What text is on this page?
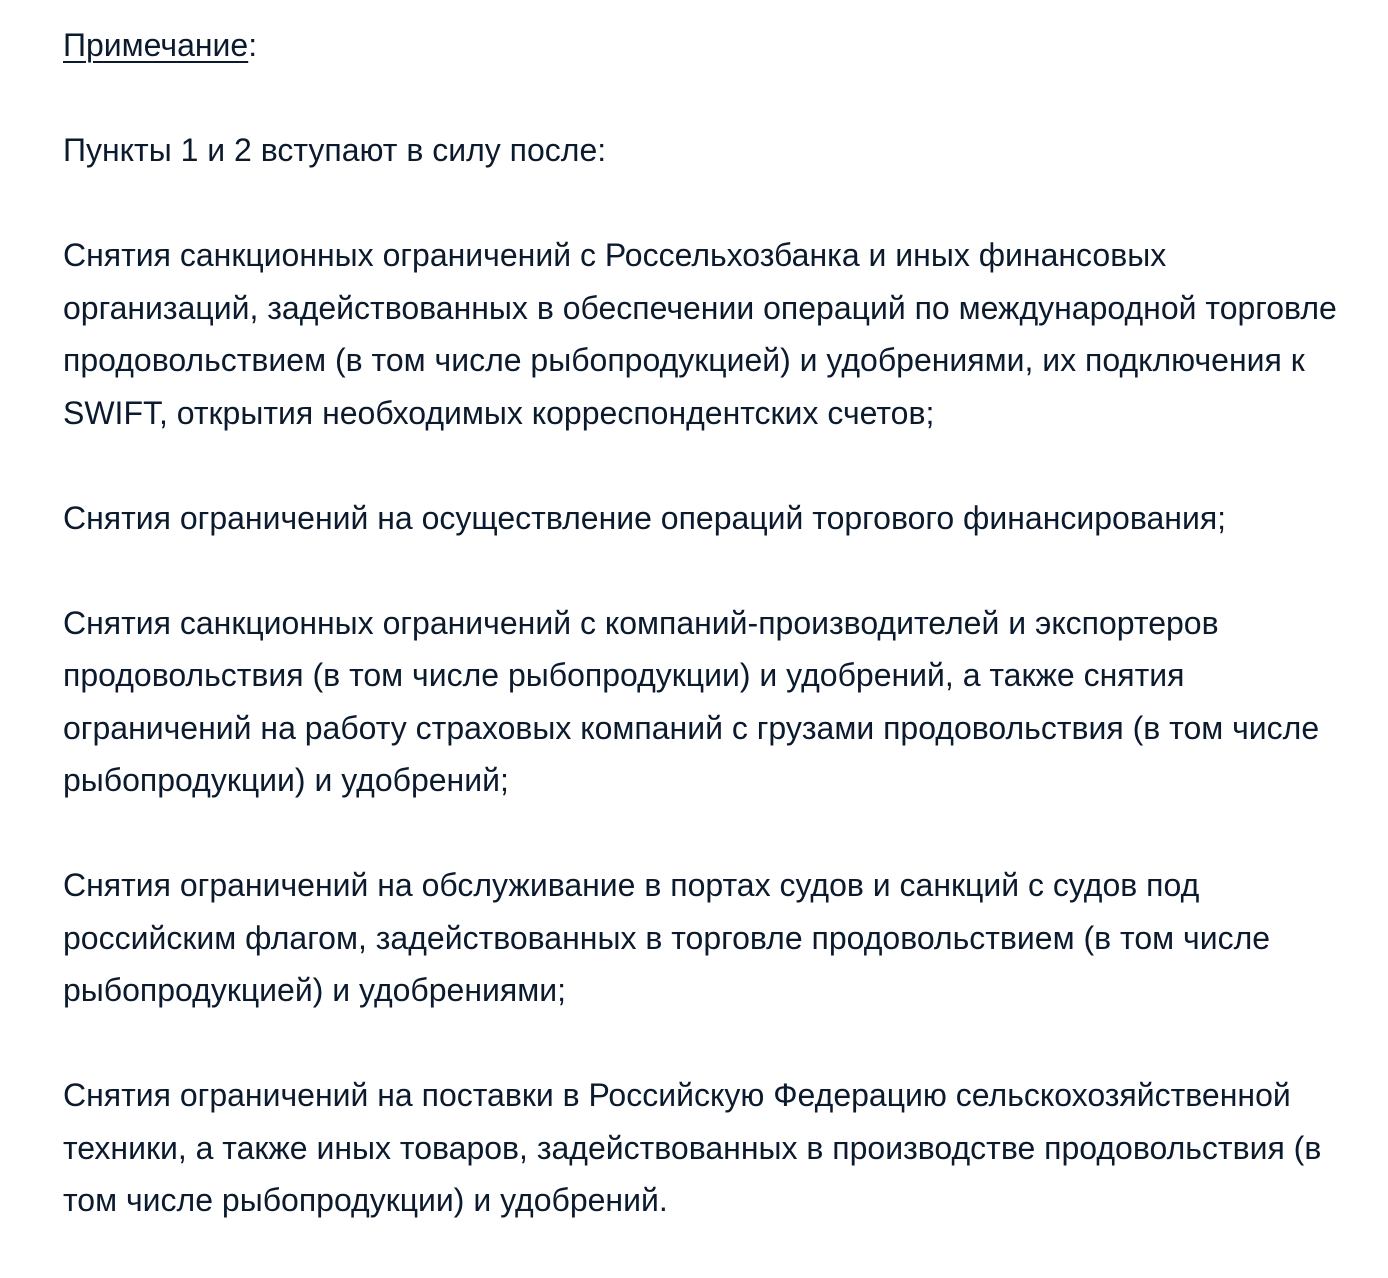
Примечание:

Пункты 1 и 2 вступают в силу после:

Снятия санкционных ограничений с Россельхозбанка и иных финансовых организаций, задействованных в обеспечении операций по международной торговле продовольствием (в том числе рыбопродукцией) и удобрениями, их подключения к SWIFT, открытия необходимых корреспондентских счетов;

Снятия ограничений на осуществление операций торгового финансирования;

Снятия санкционных ограничений с компаний-производителей и экспортеров продовольствия (в том числе рыбопродукции) и удобрений, а также снятия ограничений на работу страховых компаний с грузами продовольствия (в том числе рыбопродукции) и удобрений;

Снятия ограничений на обслуживание в портах судов и санкций с судов под российским флагом, задействованных в торговле продовольствием (в том числе рыбопродукцией) и удобрениями;

Снятия ограничений на поставки в Российскую Федерацию сельскохозяйственной техники, а также иных товаров, задействованных в производстве продовольствия (в том числе рыбопродукции) и удобрений.
